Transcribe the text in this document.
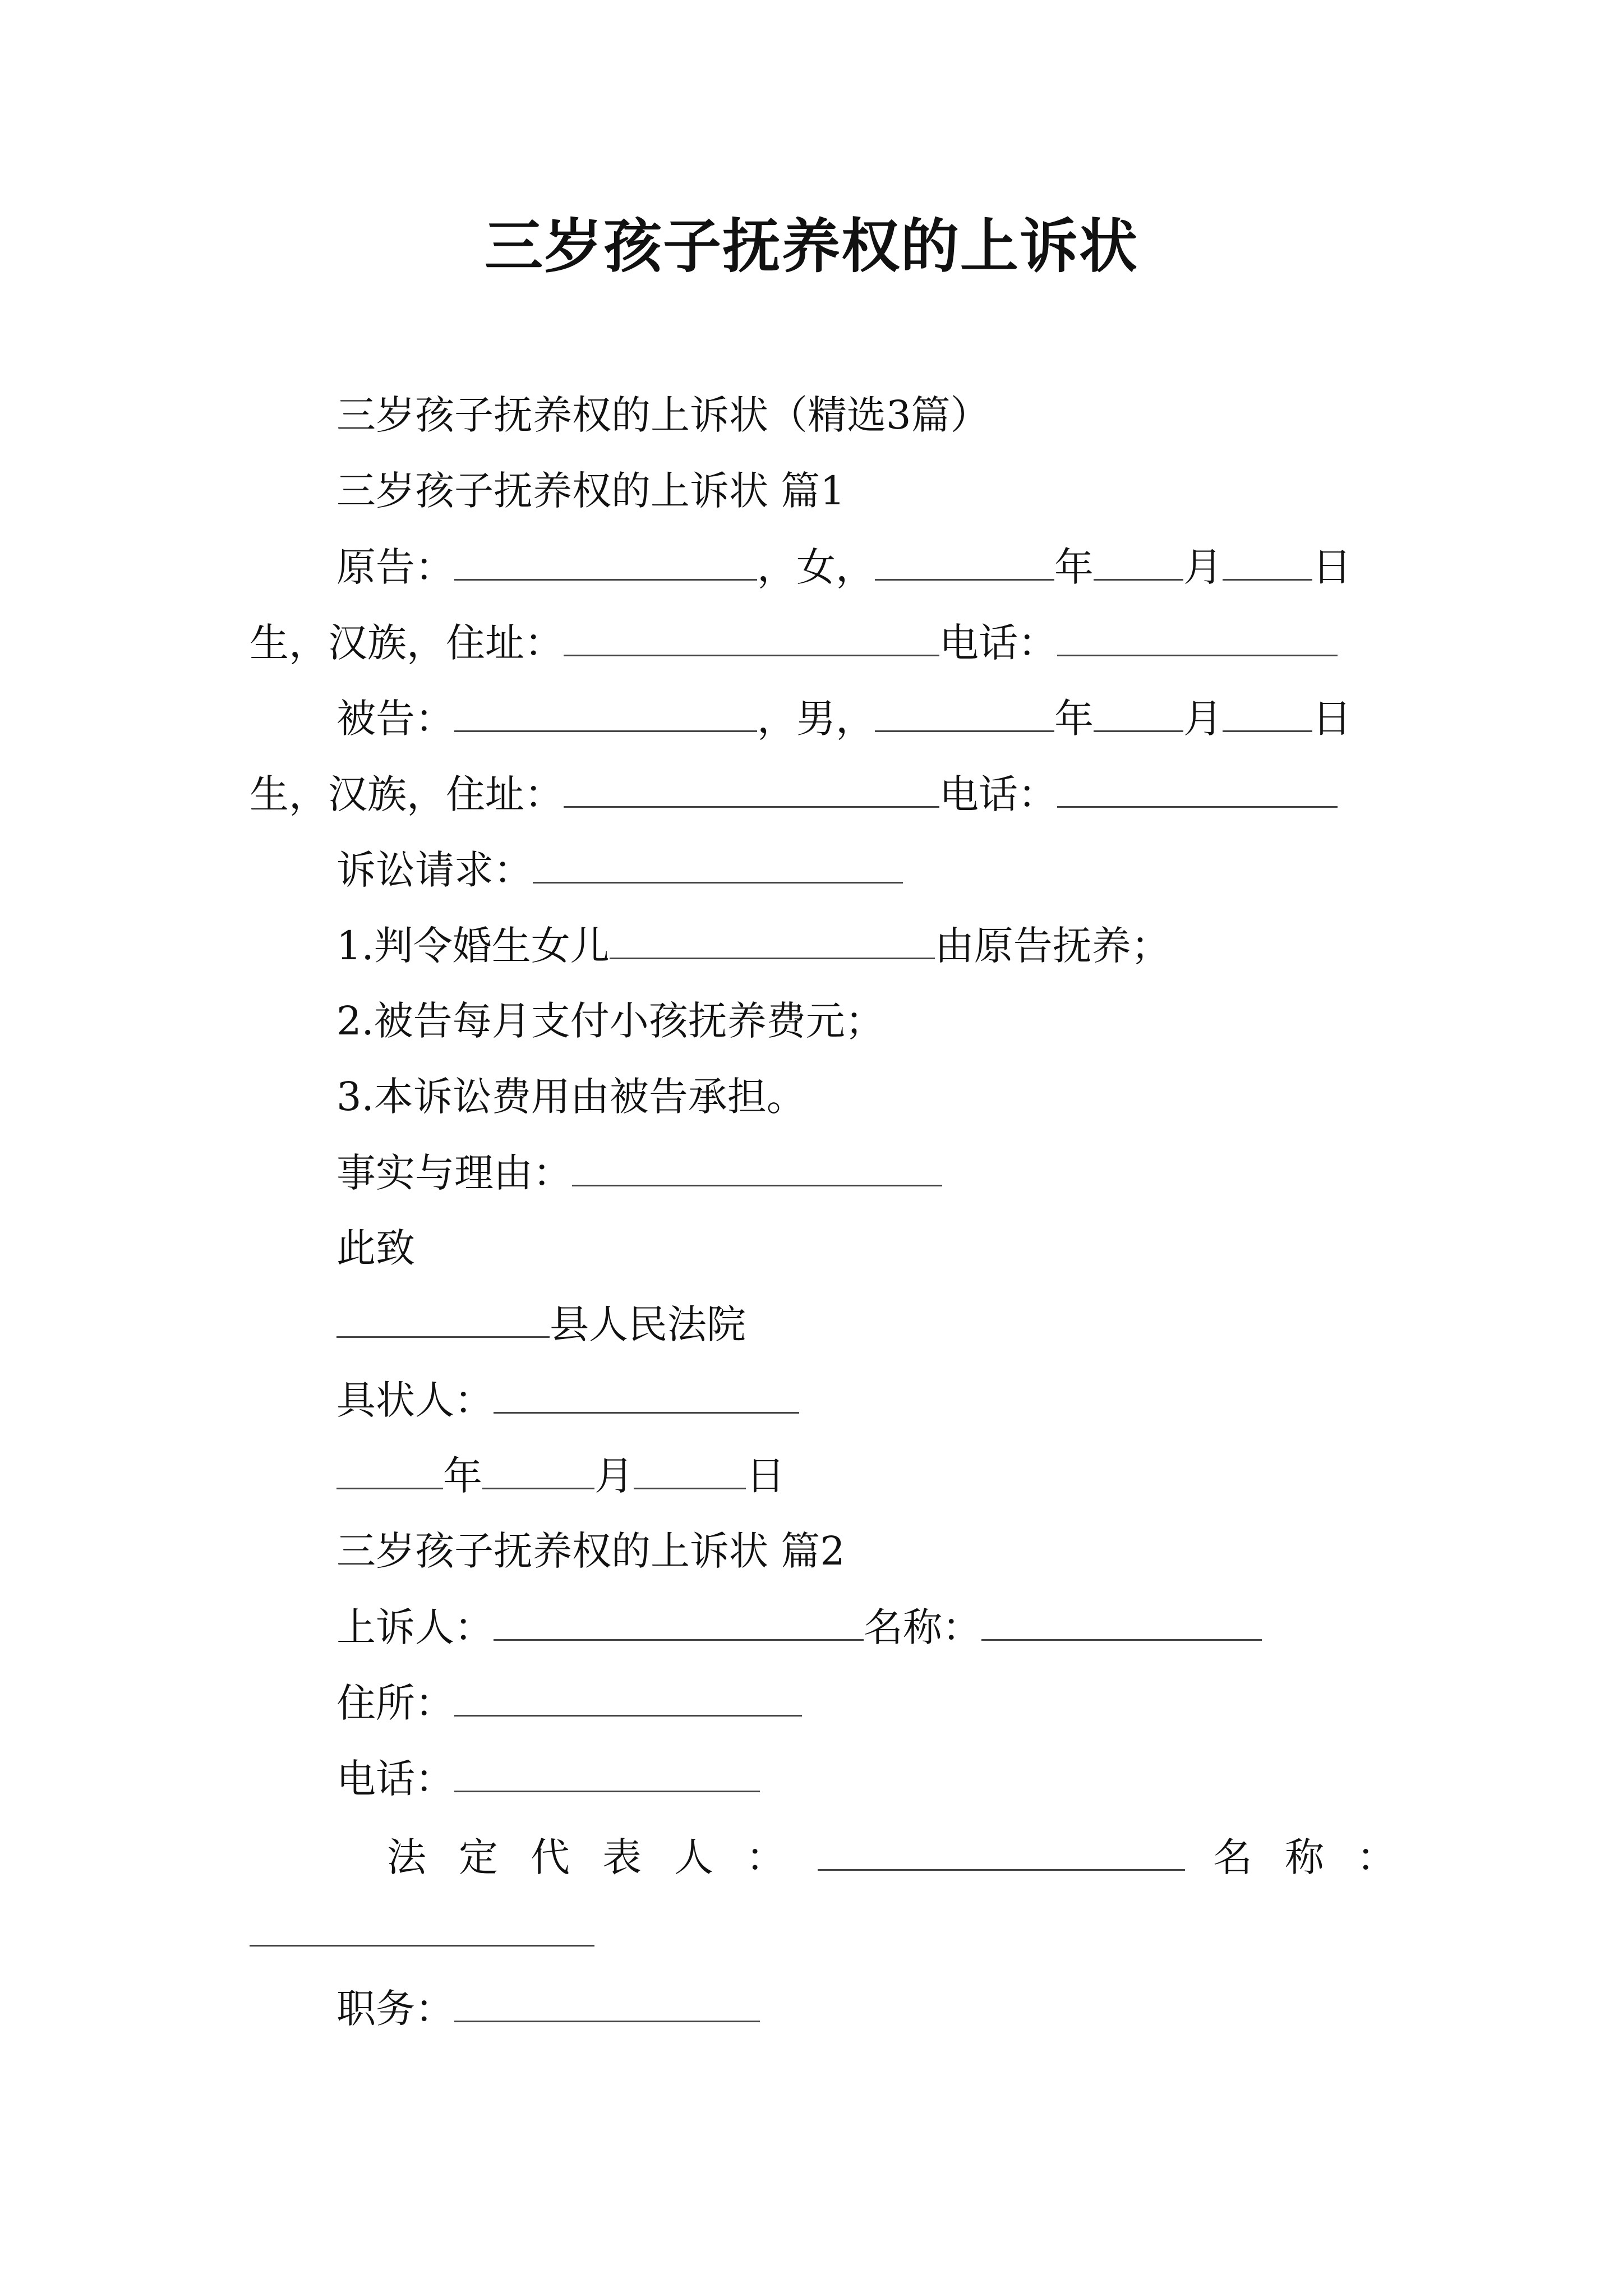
三岁孩子抚养权的上诉状
三岁孩子抚养权的上诉状（精选3篇）
三岁孩子抚养权的上诉状 篇1
原告：	，女，	年 月 日
生，汉族，住址：	电话：
被告：	，男，	年 月 日
生，汉族，住址：	电话：
诉讼请求：
1.判令婚生女儿	由原告抚养；
2.被告每月支付小孩抚养费元；
3.本诉讼费用由被告承担。
事实与理由：
此致
县人民法院
具状人：
年	月	日
三岁孩子抚养权的上诉状 篇2
上诉人：	名称：
住所：
电话：
法定代表人：	名称：
职务：
